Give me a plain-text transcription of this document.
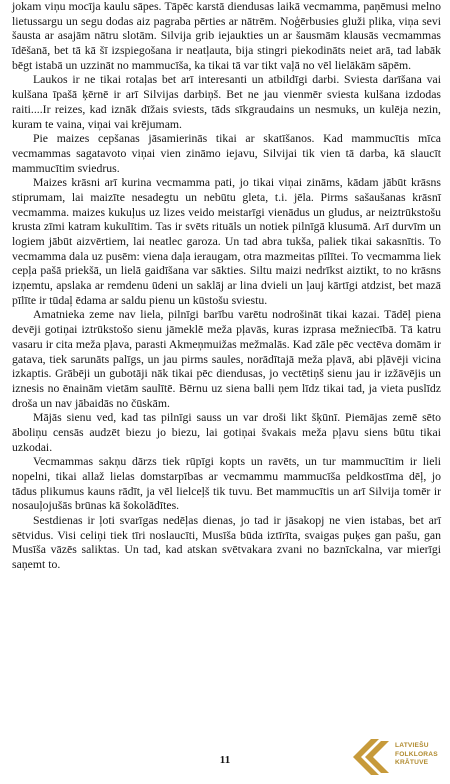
jokam viņu mocīja kaulu sāpes. Tāpēc karstā diendusas laikā vecmamma, paņēmusi melno lietussargu un segu dodas aiz pagraba pērties ar nātrēm. Noģērbusies gluži plika, viņa sevi šausta ar asajām nātru slotām. Silvija grib iejaukties un ar šausmām klausās vecmammas īdēšanā, bet tā kā šī izspiegošana ir neatļauta, bija stingri piekodināts neiet arā, tad labāk bēgt istabā un uzzināt no mammucīša, ka tikai tā var tikt vaļā no vēl lielākām sāpēm.

Laukos ir ne tikai rotaļas bet arī interesanti un atbildīgi darbi. Sviesta darīšana vai kulšana īpašā ķērnē ir arī Silvijas darbiņš. Bet ne jau vienmēr sviesta kulšana izdodas raiti....Ir reizes, kad iznāk dīžais sviests, tāds sīkgraudains un nesmuks, un kulēja nezin, kuram te vaina, viņai vai krējumam.

Pie maizes cepšanas jāsamierinās tikai ar skatīšanos. Kad mammucītis mīca vecmammas sagatavoto viņai vien zināmo iejavu, Silvijai tik vien tā darba, kā slaucīt mammucītim sviedrus.

Maizes krāsni arī kurina vecmamma pati, jo tikai viņai zināms, kādam jābūt krāsns stiprumam, lai maizīte nesadegtu un nebūtu gleta, t.i. jēla. Pirms sašaušanas krāsnī vecmamma. maizes kukuļus uz lizes veido meistarīgi vienādus un gludus, ar neiztrūkstošu krusta zīmi katram kukulītim. Tas ir svēts rituāls un notiek pilnīgā klusumā. Arī durvīm un logiem jābūt aizvērtiem, lai neatlec garoza. Un tad abra tukša, paliek tikai sakasnītis. To vecmamma dala uz pusēm: viena daļa ieraugam, otra mazmeitas pīlītei. To vecmamma liek cepļa pašā priekšā, un lielā gaidīšana var sākties. Siltu maizi nedrīkst aiztikt, to no krāsns izņemtu, apslaka ar remdenu ūdeni un saklāj ar lina dvieli un ļauj kārtīgi atdzist, bet mazā pīlīte ir tūdaļ ēdama ar saldu pienu un kūstošu sviestu.

Amatnieka zeme nav liela, pilnīgi barību varētu nodrošināt tikai kazai. Tādēļ piena devēji gotiņai iztrūkstošo sienu jāmeklē meža pļavās, kuras izprasa mežniecībā. Tā katru vasaru ir cita meža pļava, parasti Akmeņmuižas mežmalās. Kad zāle pēc vectēva domām ir gatava, tiek sarunāts palīgs, un jau pirms saules, norādītajā meža pļavā, abi pļāvēji vicina izkaptis. Grābēji un gubotāji nāk tikai pēc diendusas, jo vectētiņš sienu jau ir izžāvējis un iznesis no ēnainām vietām saulītē. Bērnu uz siena balli ņem līdz tikai tad, ja vieta puslīdz droša un nav jābaidās no čūskām.

Mājās sienu ved, kad tas pilnīgi sauss un var droši likt šķūnī. Piemājas zemē sēto āboliņu censās audzēt biezu jo biezu, lai gotiņai švakais meža pļavu siens būtu tikai uzkodai.

Vecmammas sakņu dārzs tiek rūpīgi kopts un ravēts, un tur mammucītim ir lieli nopelni, tikai allaž lielas domstarpības ar vecmammu mammucīša peldkostīma dēļ, jo tādus plikumus kauns rādīt, ja vēl lielceļš tik tuvu. Bet mammucītis un arī Silvija tomēr ir nosauļojušās brūnas kā šokolādītes.

Sestdienas ir ļoti svarīgas nedēļas dienas, jo tad ir jāsakopj ne vien istabas, bet arī sētvidus. Visi celiņi tiek tīri noslaucīti, Musīša būda iztīrīta, svaigas puķes gan pašu, gan Musīša vāzēs saliktas. Un tad, kad atskan svētvakara zvani no baznīckalna, var mierīgi saņemt to.

11
LATVIEŠU
FOLKLORAS
KRĀTUVE
